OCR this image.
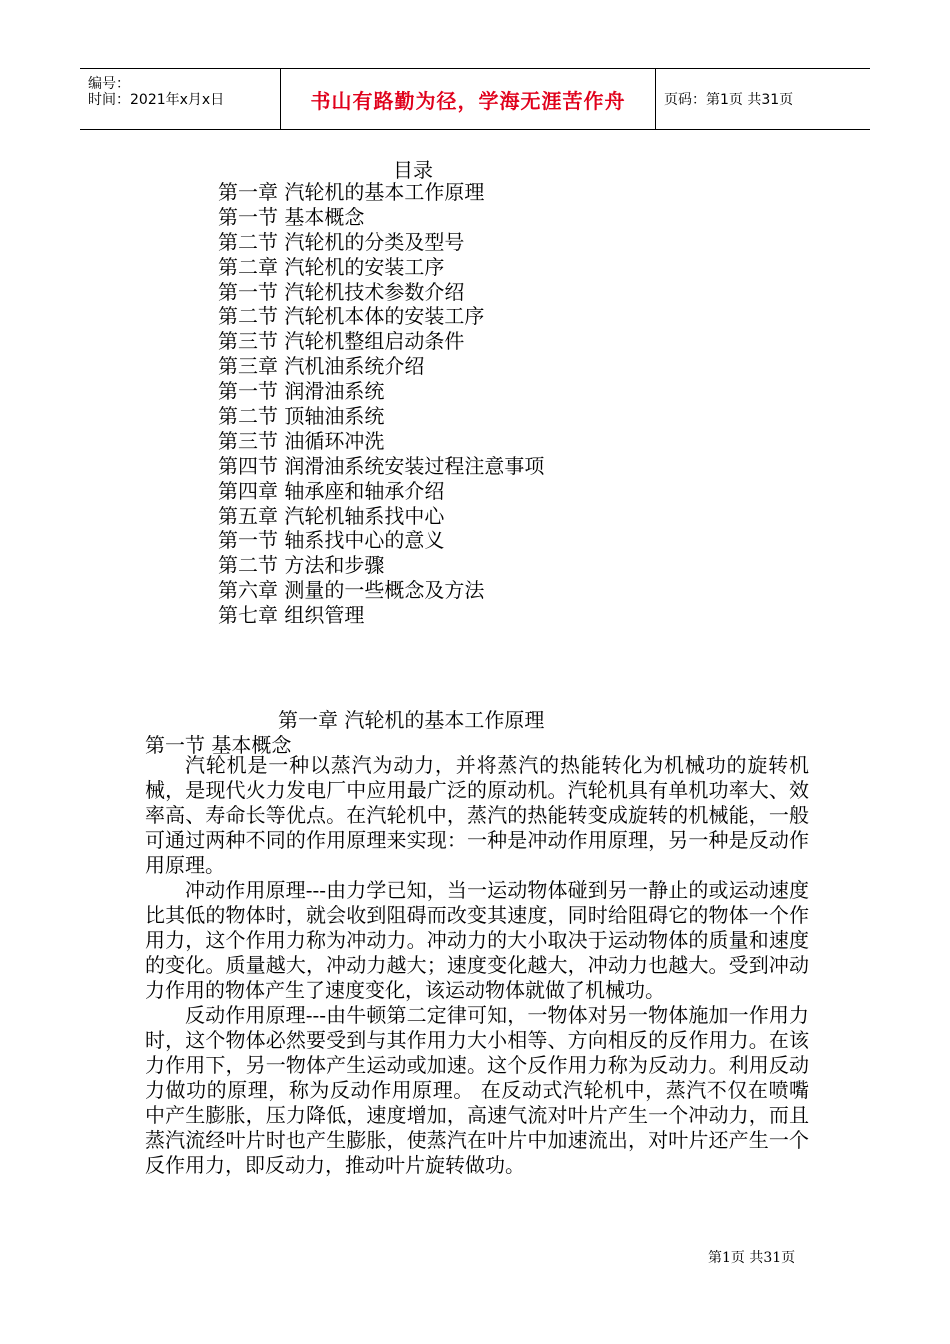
编号：
时间：2021年x月x日	书山有路勤为径，学海无涯苦作舟	页码：第1页 共31页
目录
第一章 汽轮机的基本工作原理
第一节 基本概念
第二节 汽轮机的分类及型号
第二章 汽轮机的安装工序
第一节 汽轮机技术参数介绍
第二节 汽轮机本体的安装工序
第三节 汽轮机整组启动条件
第三章 汽机油系统介绍
第一节 润滑油系统
第二节 顶轴油系统
第三节 油循环冲洗
第四节 润滑油系统安装过程注意事项
第四章 轴承座和轴承介绍
第五章 汽轮机轴系找中心
第一节 轴系找中心的意义
第二节 方法和步骤
第六章 测量的一些概念及方法
第七章 组织管理
第一章 汽轮机的基本工作原理
第一节 基本概念

汽轮机是一种以蒸汽为动力，并将蒸汽的热能转化为机械功的旋转机械，是现代火力发电厂中应用最广泛的原动机。汽轮机具有单机功率大、效率高、寿命长等优点。在汽轮机中，蒸汽的热能转变成旋转的机械能，一般可通过两种不同的作用原理来实现：一种是冲动作用原理，另一种是反动作用原理。

冲动作用原理---由力学已知，当一运动物体碰到另一静止的或运动速度比其低的物体时，就会收到阻碍而改变其速度，同时给阻碍它的物体一个作用力，这个作用力称为冲动力。冲动力的大小取决于运动物体的质量和速度的变化。质量越大，冲动力越大；速度变化越大，冲动力也越大。受到冲动力作用的物体产生了速度变化，该运动物体就做了机械功。

反动作用原理---由牛顿第二定律可知，一物体对另一物体施加一作用力时，这个物体必然要受到与其作用力大小相等、方向相反的反作用力。在该力作用下，另一物体产生运动或加速。这个反作用力称为反动力。利用反动力做功的原理，称为反动作用原理。 在反动式汽轮机中，蒸汽不仅在喷嘴中产生膨胀，压力降低，速度增加，高速气流对叶片产生一个冲动力，而且蒸汽流经叶片时也产生膨胀，使蒸汽在叶片中加速流出，对叶片还产生一个反作用力，即反动力，推动叶片旋转做功。

第1页 共31页
